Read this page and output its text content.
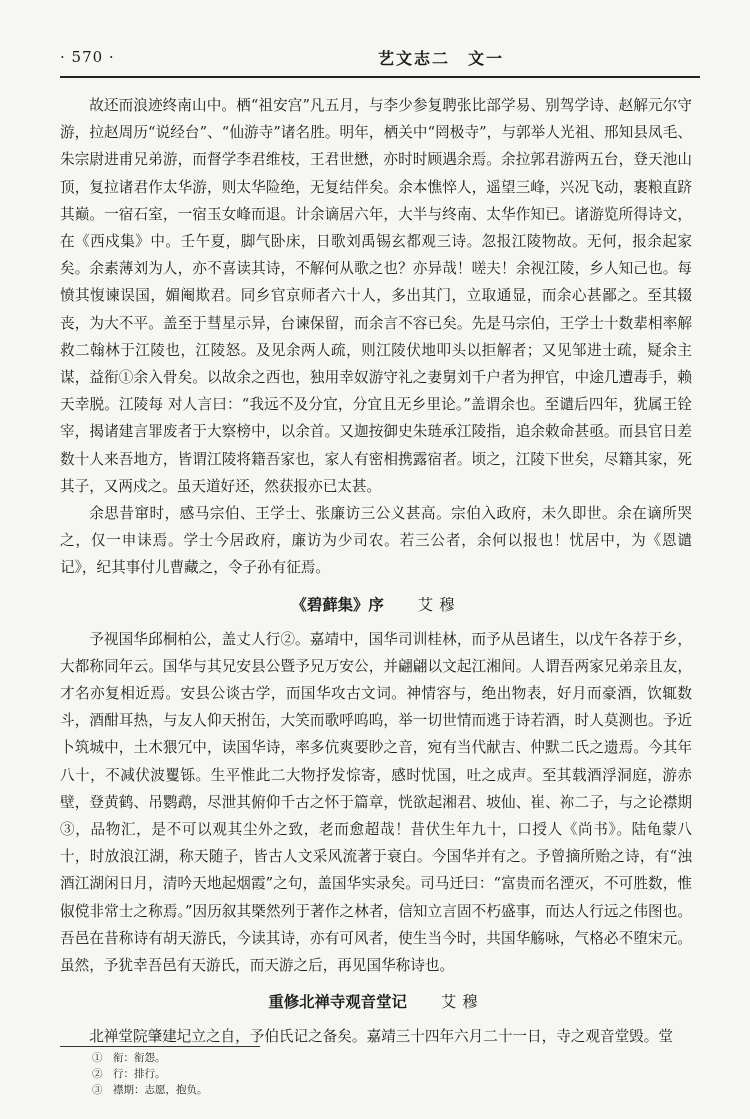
· 570 ·	艺文志二　文一

故还而浪迹终南山中。栖“祖安宫”凡五月，与李少参复聘张比部学易、别驾学诗、赵解元尔守游，拉赵周历“说经台”、“仙游寺”诸名胜。明年，栖关中“罔极寺”，与郭举人光祖、邢知县凤毛、朱宗尉进甫兄弟游，而督学李君维枝，王君世懋，亦时时顾遇余焉。余拉郭君游两五台，登天池山顶，复拉诸君作太华游，则太华险绝，无复结伴矣。余本憔悴人，遥望三峰，兴况飞动，裹粮直跻其巅。一宿石室，一宿玉女峰而退。计余谪居六年，大半与终南、太华作知已。诸游览所得诗文，在《西戍集》中。壬午夏，脚气卧床，日歌刘禹锡玄都观三诗。忽报江陵物故。无何，报余起家矣。余素薄刘为人，亦不喜读其诗，不解何从歌之也？亦异哉！嗟夫！余视江陵，乡人知己也。每愤其愎谏误国，媚阉欺君。同乡官京师者六十人，多出其门，立取通显，而余心甚鄙之。至其辍丧，为大不平。盖至于彗星示异，台谏保留，而余言不容已矣。先是马宗伯，王学士十数辈相率解救二翰林于江陵也，江陵怒。及见余两人疏，则江陵伏地叩头以拒解者；又见邹进士疏，疑余主谋，益衔①余入骨矣。以故余之西也，独用幸奴游守礼之妻舅刘千户者为押官，中途几遭毒手，赖天幸脱。江陵每 对人言曰：“我远不及分宜，分宜且无乡里论。”盖谓余也。至谴后四年，犹属王铨宰，揭诸建言罪废者于大察榜中，以余首。又迦按御史朱琏承江陵指，追余敕命甚亟。而县官日差数十人来吾地方，皆谓江陵将籍吾家也，家人有密相携露宿者。顷之，江陵下世矣，尽籍其家，死其子，又两戍之。虽天道好还，然获报亦已太甚。

余思昔窜时，感马宗伯、王学士、张廉访三公义甚高。宗伯入政府，未久即世。余在谪所哭之，仅一申诔焉。学士今居政府，廉访为少司农。若三公者，余何以报也！忧居中，为《恩谴记》，纪其事付儿曹藏之，令子孙有征焉。

《碧藓集》序 艾穆

予视国华邱桐柏公，盖丈人行②。嘉靖中，国华司训桂林，而予从邑诸生，以戊午各荐于乡，大都称同年云。国华与其兄安县公暨予兄万安公，并翩翩以文起江湘间。人谓吾两家兄弟亲且友，才名亦复相近焉。安县公谈古学，而国华攻古文词。神情容与，绝出物表，好月而豪酒，饮辄数斗，酒酣耳热，与友人仰天拊缶，大笑而歌呼呜呜，举一切世情而逃于诗若酒，时人莫测也。予近卜筑城中，土木猥冗中，读国华诗，率多伉爽要眇之音，宛有当代献吉、仲默二氏之遗焉。今其年八十，不减伏波矍铄。生平惟此二大物抒发悰寄，感时忧国，吐之成声。至其载酒浮洞庭，游赤壁，登黄鹤、吊鹦鹉，尽泄其俯仰千古之怀于篇章，恍欲起湘君、坡仙、崔、祢二子，与之论襟期③，品物汇，是不可以观其尘外之致，老而愈超哉！昔伏生年九十，口授人《尚书》。陆龟蒙八十，时放浪江湖，称天随子，皆古人文采风流著于衰白。今国华并有之。予曾摘所贻之诗，有“浊酒江湖闲日月，清吟天地起烟霞”之句，盖国华实录矣。司马迁曰：“富贵而名湮灭，不可胜数，惟俶傥非常士之称焉。”因历叙其槩然列于著作之林者，信知立言固不朽盛事，而达人行远之伟图也。吾邑在昔称诗有胡天游氏，今读其诗，亦有可风者，使生当今时，共国华觞咏，气格必不堕宋元。虽然，予犹幸吾邑有天游氏，而天游之后，再见国华称诗也。

重修北禅寺观音堂记 艾穆

北禅堂院肇建圮立之自，予伯氏记之备矣。嘉靖三十四年六月二十一日，寺之观音堂毁。堂

①　衔：衔怨。
②　行：排行。
③　襟期：志愿，抱负。
